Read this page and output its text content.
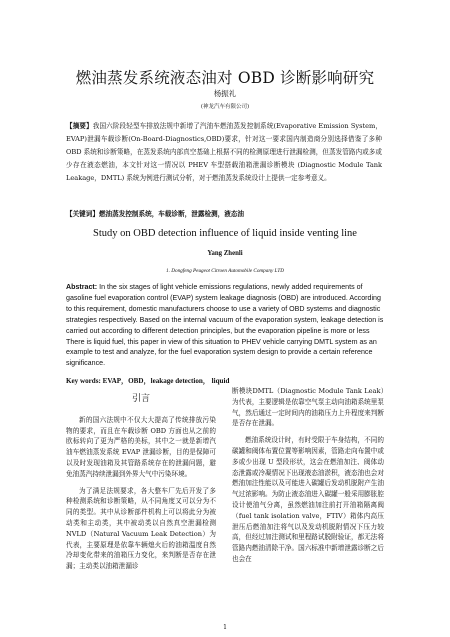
燃油蒸发系统液态油对 OBD 诊断影响研究
杨振礼
(神龙汽车有限公司)
【摘要】我国六阶段轻型车排放法规中新增了汽油车燃油蒸发控制系统(Evaporative Emission System，EVAP)泄漏车载诊断(On-Board-Diagnostics,OBD)要求，针对这一要求国内制造商分别选择借鉴了多种 OBD 系统和诊断策略，在蒸发系统内部真空基础上根据不同的检测原理进行泄漏检测，但蒸发管路内或多或少存在液态燃油，本文针对这一情况以 PHEV 车型搭载油箱泄漏诊断模块 (Diagnostic Module Tank Leakage，DMTL) 系统为例进行测试分析，对于燃油蒸发系统设计上提供一定参考意义。
【关键词】燃油蒸发控制系统，车载诊断，泄露检测，液态油
Study on OBD detection influence of liquid inside venting line
Yang Zhenli
1. Dongfeng Peugeot Citroen Automobile Company LTD
Abstract: In the six stages of light vehicle emissions regulations, newly added requirements of gasoline fuel evaporation control (EVAP) system leakage diagnosis (OBD) are introduced. According to this requirement, domestic manufacturers choose to use a variety of OBD systems and diagnostic strategies respectively. Based on the internal vacuum of the evaporation system, leakage detection is carried out according to different detection principles, but the evaporation pipeline is more or less There is liquid fuel, this paper in view of this situation to PHEV vehicle carrying DMTL system as an example to test and analyze, for the fuel evaporation system design to provide a certain reference significance.
Key words: EVAP，OBD，leakage detection， liquid
引言

新的国六法规中不仅大大提高了传统排放污染物的要求，而且在车载诊断 OBD 方面也从之前的欧标转向了更为严格的美标，其中之一就是新增汽油车燃油蒸发系统 EVAP 泄漏诊断，目的是保障可以及时发现油箱及其管路系统存在的泄漏问题，避免油蒸汽持续泄漏到外界大气中污染环境。

为了满足法规要求，各大整车厂先后开发了多种检测系统和诊断策略，从不同角度又可以分为不同的类型。其中从诊断部件机构上可以将此分为被动类和主动类，其中被动类以自然真空泄漏检测NVLD（Natural Vacuum Leak Detection）为代表，主要原理是依靠车辆熄火后的油箱温度自然冷却变化带来的油箱压力变化，来判断是否存在泄漏；主动类以油箱泄漏诊

断模块DMTL（Diagnostic Module Tank Leak）为代表，主要逻辑是依靠空气泵主动向油箱系统里泵气，然后通过一定时间内的油箱压力上升程度来判断是否存在泄漏。

燃油系统设计时，有时受限于车身结构，不同的碳罐和阀体布置位置等影响因素，管路走向布置中或多或少出现 U 型段形状，这会在燃油加注、阀体动态泄露或冷凝情况下出现液态油淤积，液态油也会对燃油加注性能以及可能进入碳罐后发动机脱附产生油气过浓影响。为防止液态油进入碳罐一般采用膨胀腔设计使油气分离，虽然燃油加注前打开油箱隔离阀（fuel tank isolation valve，FTIV）箱体内高压泄压后燃油加注将气以及发动机脱附情况下压力较高，但经过加注测试和里程路试脱附验证，都无法将管路内燃油清除干净。国六标准中新增泄露诊断之后也会在

1
